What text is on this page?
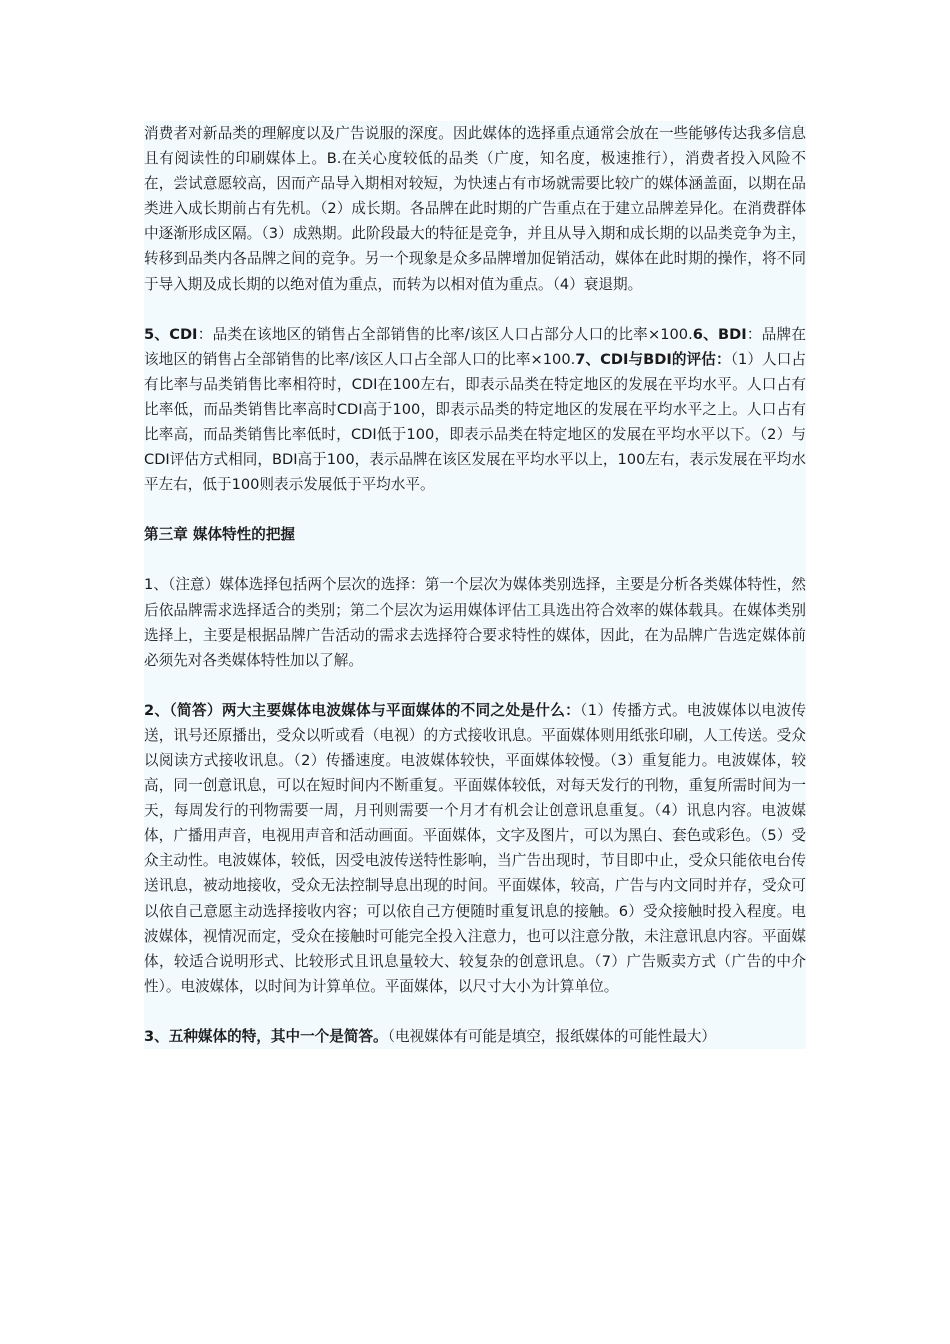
消费者对新品类的理解度以及广告说服的深度。因此媒体的选择重点通常会放在一些能够传达我多信息且有阅读性的印刷媒体上。B.在关心度较低的品类（广度，知名度，极速推行），消费者投入风险不在，尝试意愿较高，因而产品导入期相对较短，为快速占有市场就需要比较广的媒体涵盖面，以期在品类进入成长期前占有先机。（2）成长期。各品牌在此时期的广告重点在于建立品牌差异化。在消费群体中逐渐形成区隔。（3）成熟期。此阶段最大的特征是竞争，并且从导入期和成长期的以品类竞争为主，转移到品类内各品牌之间的竞争。另一个现象是众多品牌增加促销活动，媒体在此时期的操作，将不同于导入期及成长期的以绝对值为重点，而转为以相对值为重点。（4）衰退期。

5、CDI：品类在该地区的销售占全部销售的比率/该区人口占部分人口的比率×100.6、BDI：品牌在该地区的销售占全部销售的比率/该区人口占全部人口的比率×100.7、CDI与BDI的评估：（1）人口占有比率与品类销售比率相符时，CDI在100左右，即表示品类在特定地区的发展在平均水平。人口占有比率低，而品类销售比率高时CDI高于100，即表示品类的特定地区的发展在平均水平之上。人口占有比率高，而品类销售比率低时，CDI低于100，即表示品类在特定地区的发展在平均水平以下。（2）与CDI评估方式相同，BDI高于100，表示品牌在该区发展在平均水平以上，100左右，表示发展在平均水平左右，低于100则表示发展低于平均水平。

第三章 媒体特性的把握

1、（注意）媒体选择包括两个层次的选择：第一个层次为媒体类别选择，主要是分析各类媒体特性，然后依品牌需求选择适合的类别；第二个层次为运用媒体评估工具选出符合效率的媒体载具。在媒体类别选择上，主要是根据品牌广告活动的需求去选择符合要求特性的媒体，因此，在为品牌广告选定媒体前必须先对各类媒体特性加以了解。

2、（简答）两大主要媒体电波媒体与平面媒体的不同之处是什么：（1）传播方式。电波媒体以电波传送，讯号还原播出，受众以听或看（电视）的方式接收讯息。平面媒体则用纸张印刷，人工传送。受众以阅读方式接收讯息。（2）传播速度。电波媒体较快，平面媒体较慢。（3）重复能力。电波媒体，较高，同一创意讯息，可以在短时间内不断重复。平面媒体较低，对每天发行的刊物，重复所需时间为一天，每周发行的刊物需要一周，月刊则需要一个月才有机会让创意讯息重复。（4）讯息内容。电波媒体，广播用声音，电视用声音和活动画面。平面媒体，文字及图片，可以为黑白、套色或彩色。（5）受众主动性。电波媒体，较低，因受电波传送特性影响，当广告出现时，节目即中止，受众只能依电台传送讯息，被动地接收，受众无法控制导息出现的时间。平面媒体，较高，广告与内文同时并存，受众可以依自己意愿主动选择接收内容；可以依自己方便随时重复讯息的接触。6）受众接触时投入程度。电波媒体，视情况而定，受众在接触时可能完全投入注意力，也可以注意分散，未注意讯息内容。平面媒体，较适合说明形式、比较形式且讯息量较大、较复杂的创意讯息。（7）广告贩卖方式（广告的中介性）。电波媒体，以时间为计算单位。平面媒体，以尺寸大小为计算单位。

3、五种媒体的特，其中一个是简答。（电视媒体有可能是填空，报纸媒体的可能性最大）
